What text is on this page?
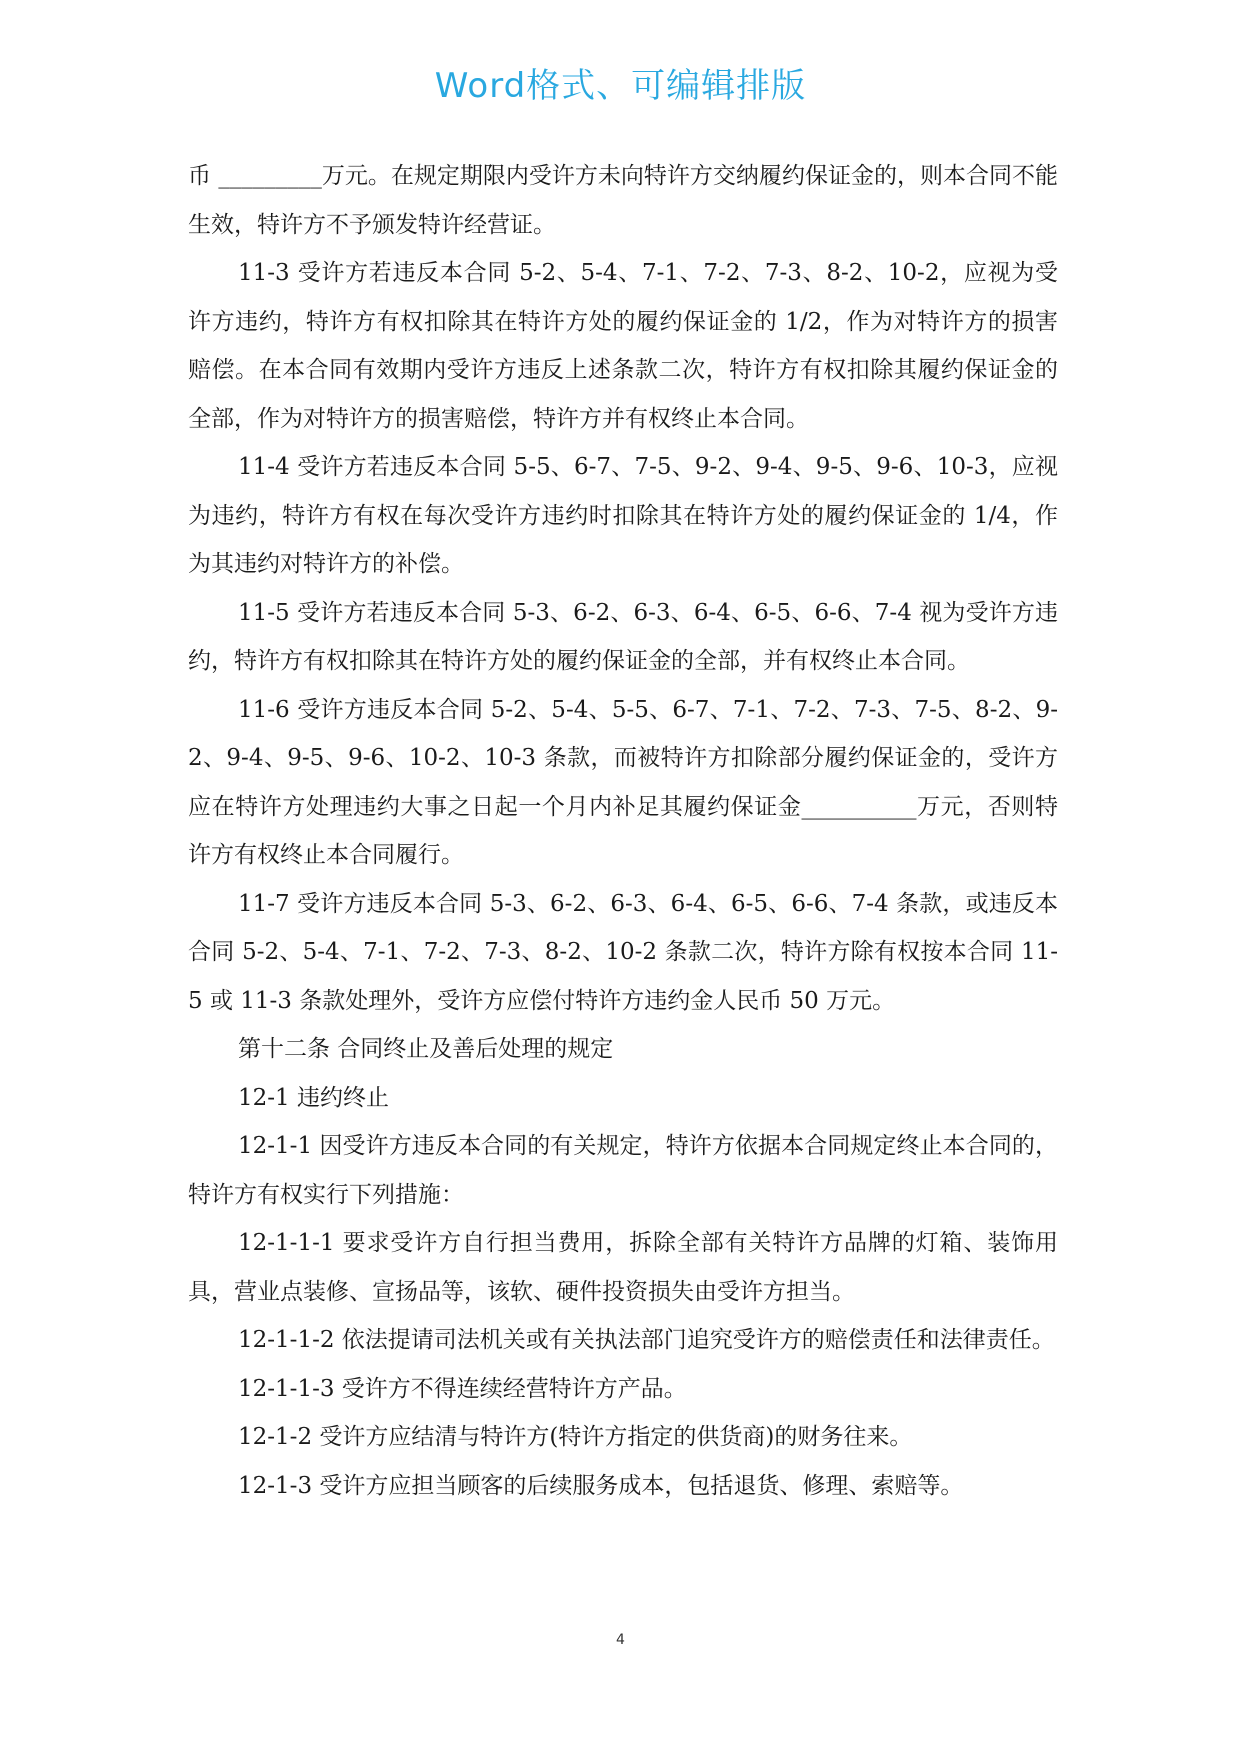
Word格式、可编辑排版

币 _________万元。在规定期限内受许方未向特许方交纳履约保证金的，则本合同不能生效，特许方不予颁发特许经营证。

11-3 受许方若违反本合同 5-2、5-4、7-1、7-2、7-3、8-2、10-2，应视为受许方违约，特许方有权扣除其在特许方处的履约保证金的 1/2，作为对特许方的损害赔偿。在本合同有效期内受许方违反上述条款二次，特许方有权扣除其履约保证金的全部，作为对特许方的损害赔偿，特许方并有权终止本合同。

11-4 受许方若违反本合同 5-5、6-7、7-5、9-2、9-4、9-5、9-6、10-3，应视为违约，特许方有权在每次受许方违约时扣除其在特许方处的履约保证金的 1/4，作为其违约对特许方的补偿。

11-5 受许方若违反本合同 5-3、6-2、6-3、6-4、6-5、6-6、7-4 视为受许方违约，特许方有权扣除其在特许方处的履约保证金的全部，并有权终止本合同。

11-6 受许方违反本合同 5-2、5-4、5-5、6-7、7-1、7-2、7-3、7-5、8-2、9-2、9-4、9-5、9-6、10-2、10-3 条款，而被特许方扣除部分履约保证金的，受许方应在特许方处理违约大事之日起一个月内补足其履约保证金__________万元，否则特许方有权终止本合同履行。

11-7 受许方违反本合同 5-3、6-2、6-3、6-4、6-5、6-6、7-4 条款，或违反本合同 5-2、5-4、7-1、7-2、7-3、8-2、10-2 条款二次，特许方除有权按本合同 11-5 或 11-3 条款处理外，受许方应偿付特许方违约金人民币 50 万元。

第十二条 合同终止及善后处理的规定

12-1 违约终止

12-1-1 因受许方违反本合同的有关规定，特许方依据本合同规定终止本合同的，特许方有权实行下列措施：

12-1-1-1 要求受许方自行担当费用，拆除全部有关特许方品牌的灯箱、装饰用具，营业点装修、宣扬品等，该软、硬件投资损失由受许方担当。

12-1-1-2 依法提请司法机关或有关执法部门追究受许方的赔偿责任和法律责任。

12-1-1-3 受许方不得连续经营特许方产品。

12-1-2 受许方应结清与特许方(特许方指定的供货商)的财务往来。

12-1-3 受许方应担当顾客的后续服务成本，包括退货、修理、索赔等。

4
